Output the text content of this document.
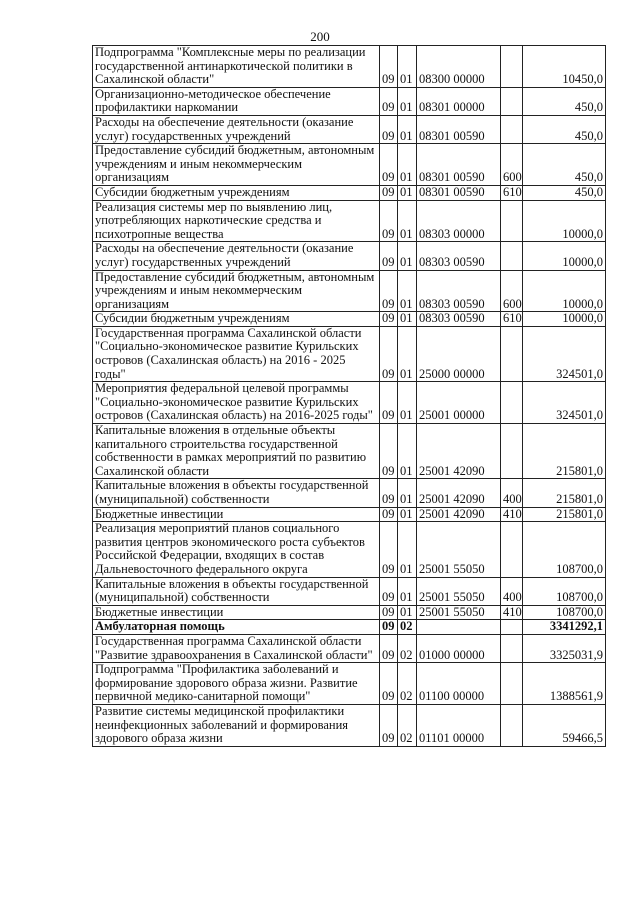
200
Подпрограмма "Комплексные меры по реализации государственной антинаркотической политики в Сахалинской области"	09	01	08300 00000		10450,0
Организационно-методическое обеспечение профилактики наркомании	09	01	08301 00000		450,0
Расходы на обеспечение деятельности (оказание услуг) государственных учреждений	09	01	08301 00590		450,0
Предоставление субсидий бюджетным, автономным учреждениям и иным некоммерческим организациям	09	01	08301 00590	600	450,0
Субсидии бюджетным учреждениям	09	01	08301 00590	610	450,0
Реализация системы мер по выявлению лиц, употребляющих наркотические средства и психотропные вещества	09	01	08303 00000		10000,0
Расходы на обеспечение деятельности (оказание услуг) государственных учреждений	09	01	08303 00590		10000,0
Предоставление субсидий бюджетным, автономным учреждениям и иным некоммерческим организациям	09	01	08303 00590	600	10000,0
Субсидии бюджетным учреждениям	09	01	08303 00590	610	10000,0
Государственная программа Сахалинской области "Социально-экономическое развитие Курильских островов (Сахалинская область) на 2016 - 2025 годы"	09	01	25000 00000		324501,0
Мероприятия федеральной целевой программы "Социально-экономическое развитие Курильских островов (Сахалинская область) на 2016-2025 годы"	09	01	25001 00000		324501,0
Капитальные вложения в отдельные объекты капитального строительства государственной собственности в рамках мероприятий по развитию Сахалинской области	09	01	25001 42090		215801,0
Капитальные вложения в объекты государственной (муниципальной) собственности	09	01	25001 42090	400	215801,0
Бюджетные инвестиции	09	01	25001 42090	410	215801,0
Реализация мероприятий планов социального развития центров экономического роста субъектов Российской Федерации, входящих в состав Дальневосточного федерального округа	09	01	25001 55050		108700,0
Капитальные вложения в объекты государственной (муниципальной) собственности	09	01	25001 55050	400	108700,0
Бюджетные инвестиции	09	01	25001 55050	410	108700,0
Амбулаторная помощь	09	02			3341292,1
Государственная программа Сахалинской области "Развитие здравоохранения в Сахалинской области"	09	02	01000 00000		3325031,9
Подпрограмма "Профилактика заболеваний и формирование здорового образа жизни. Развитие первичной медико-санитарной помощи"	09	02	01100 00000		1388561,9
Развитие системы медицинской профилактики неинфекционных заболеваний и формирования здорового образа жизни	09	02	01101 00000		59466,5
